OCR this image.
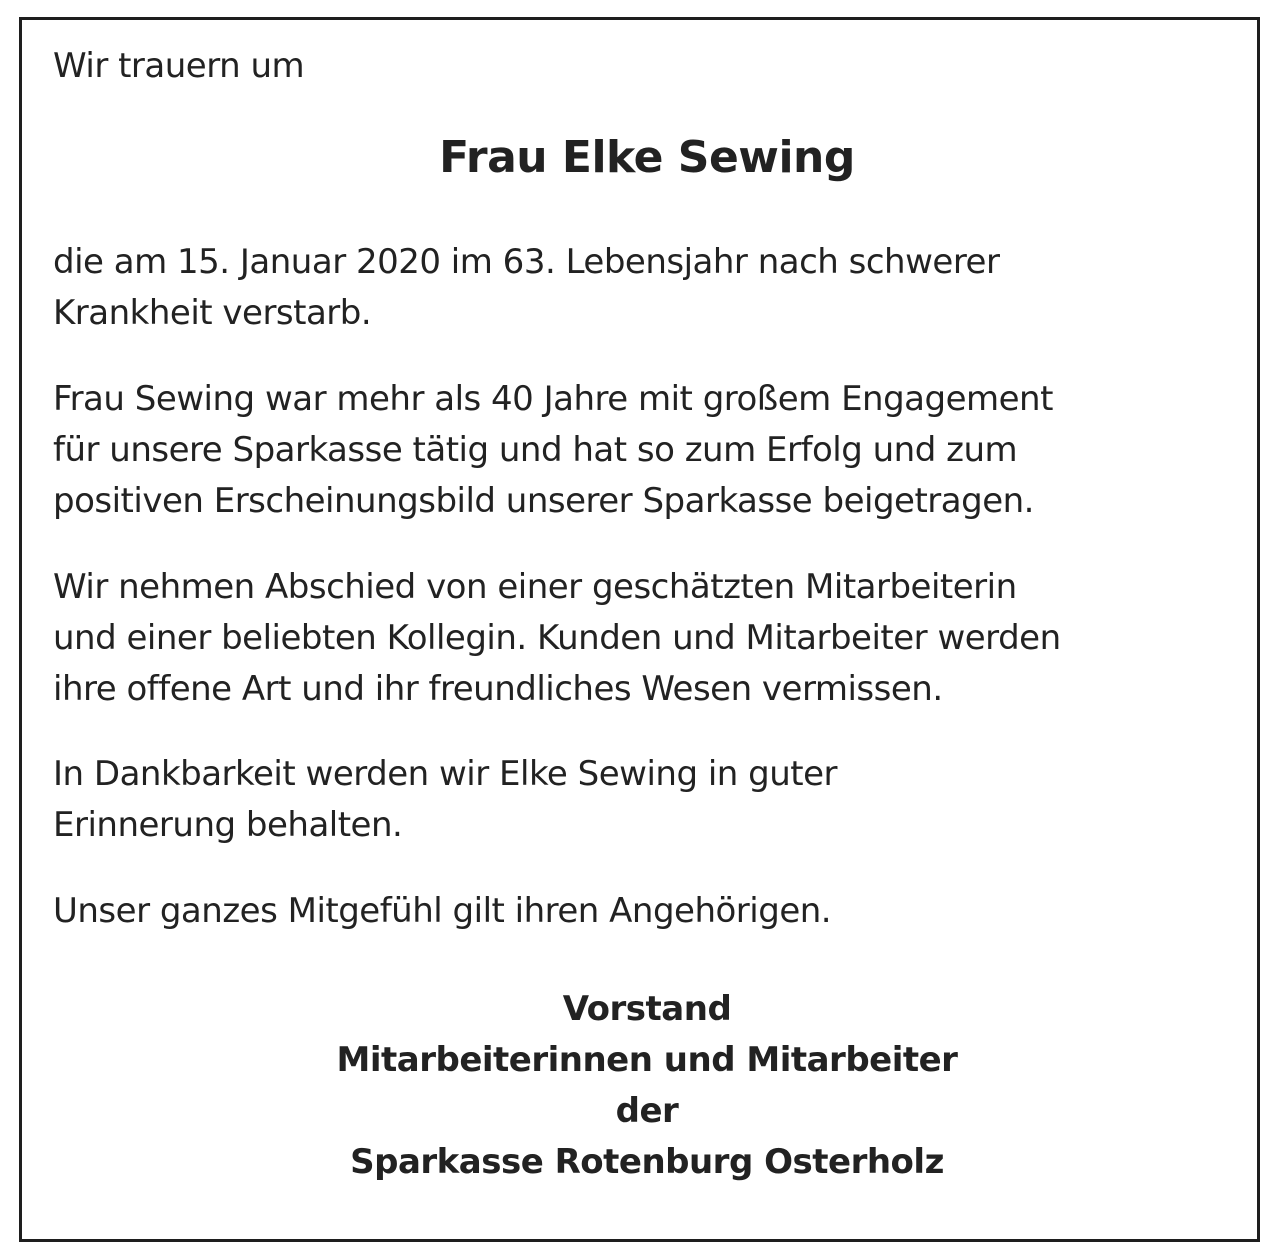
Wir trauern um
Frau Elke Sewing
die am 15. Januar 2020 im 63. Lebensjahr nach schwerer
Krankheit verstarb.
Frau Sewing war mehr als 40 Jahre mit großem Engagement
für unsere Sparkasse tätig und hat so zum Erfolg und zum
positiven Erscheinungsbild unserer Sparkasse beigetragen.
Wir nehmen Abschied von einer geschätzten Mitarbeiterin
und einer beliebten Kollegin. Kunden und Mitarbeiter werden
ihre offene Art und ihr freundliches Wesen vermissen.
In Dankbarkeit werden wir Elke Sewing in guter
Erinnerung behalten.
Unser ganzes Mitgefühl gilt ihren Angehörigen.
Vorstand
Mitarbeiterinnen und Mitarbeiter
der
Sparkasse Rotenburg Osterholz
